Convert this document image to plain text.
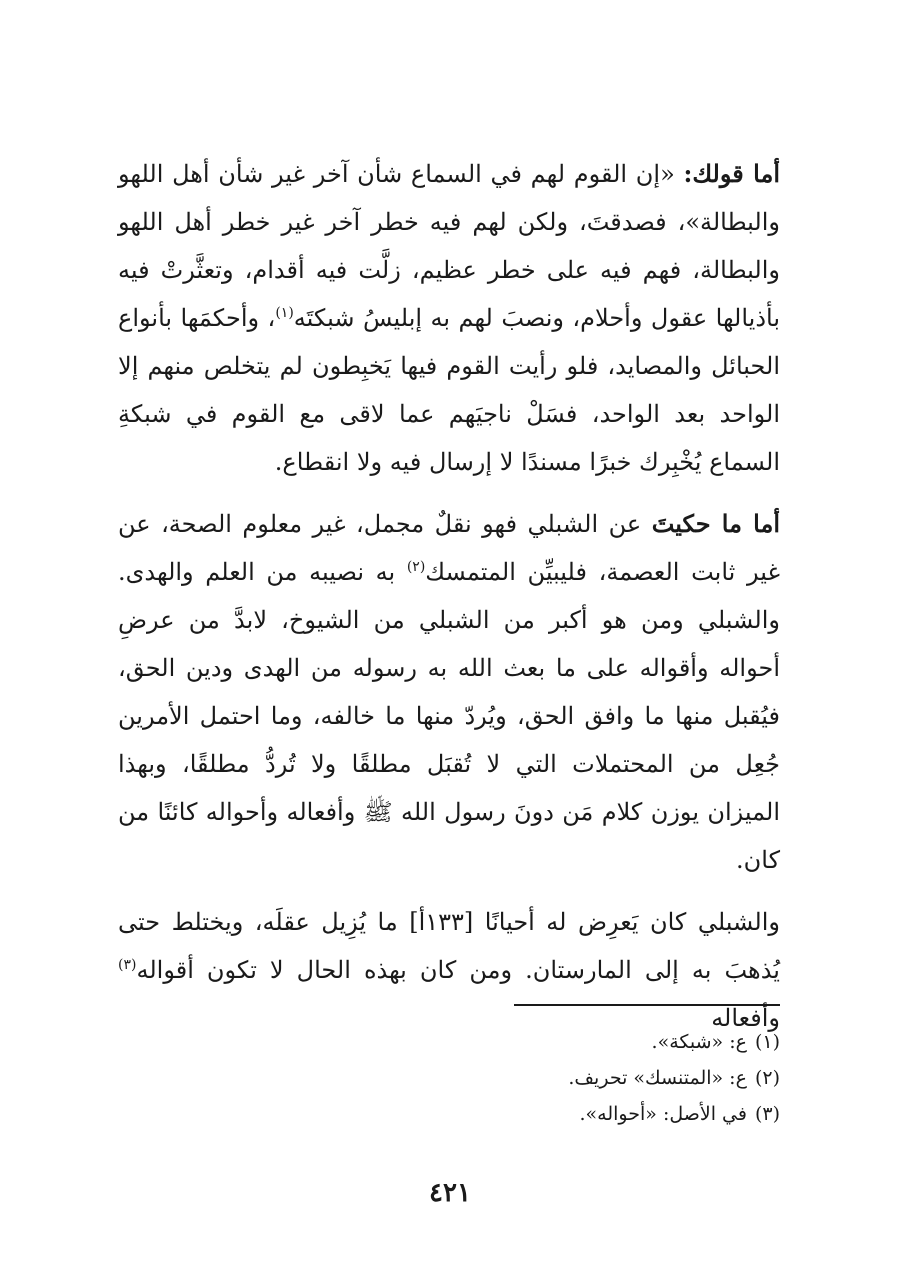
أما قولك: «إن القوم لهم في السماع شأن آخر غير شأن أهل اللهو والبطالة»، فصدقتَ، ولكن لهم فيه خطر آخر غير خطر أهل اللهو والبطالة، فهم فيه على خطر عظيم، زلَّت فيه أقدام، وتعثَّرتْ فيه بأذيالها عقول وأحلام، ونصبَ لهم به إبليسُ شبكتَه$^{(١)}$، وأحكمَها بأنواع الحبائل والمصايد، فلو رأيت القوم فيها يَخبِطون لم يتخلص منهم إلا الواحد بعد الواحد، فسَلْ ناجيَهم عما لاقى مع القوم في شبكةِ السماع يُخْبِرك خبرًا مسندًا لا إرسال فيه ولا انقطاع.

أما ما حكيتَ عن الشبلي فهو نقلٌ مجمل، غير معلوم الصحة، عن غير ثابت العصمة، فليبيِّن المتمسك$^{(٢)}$ به نصيبه من العلم والهدى. والشبلي ومن هو أكبر من الشبلي من الشيوخ، لابدَّ من عرضِ أحواله وأقواله على ما بعث الله به رسوله من الهدى ودين الحق، فيُقبل منها ما وافق الحق، ويُردّ منها ما خالفه، وما احتمل الأمرين جُعِل من المحتملات التي لا تُقبَل مطلقًا ولا تُردُّ مطلقًا، وبهذا الميزان يوزن كلام مَن دونَ رسول الله ﷺ وأفعاله وأحواله كائنًا من كان.

والشبلي كان يَعرِض له أحيانًا [١٣٣أ] ما يُزِيل عقلَه، ويختلط حتى يُذهبَ به إلى المارستان. ومن كان بهذه الحال لا تكون أقواله$^{(٣)}$ وأفعاله

(١)ع: «شبكة».

(٢)ع: «المتنسك» تحريف.

(٣)في الأصل: «أحواله».

٤٢١
